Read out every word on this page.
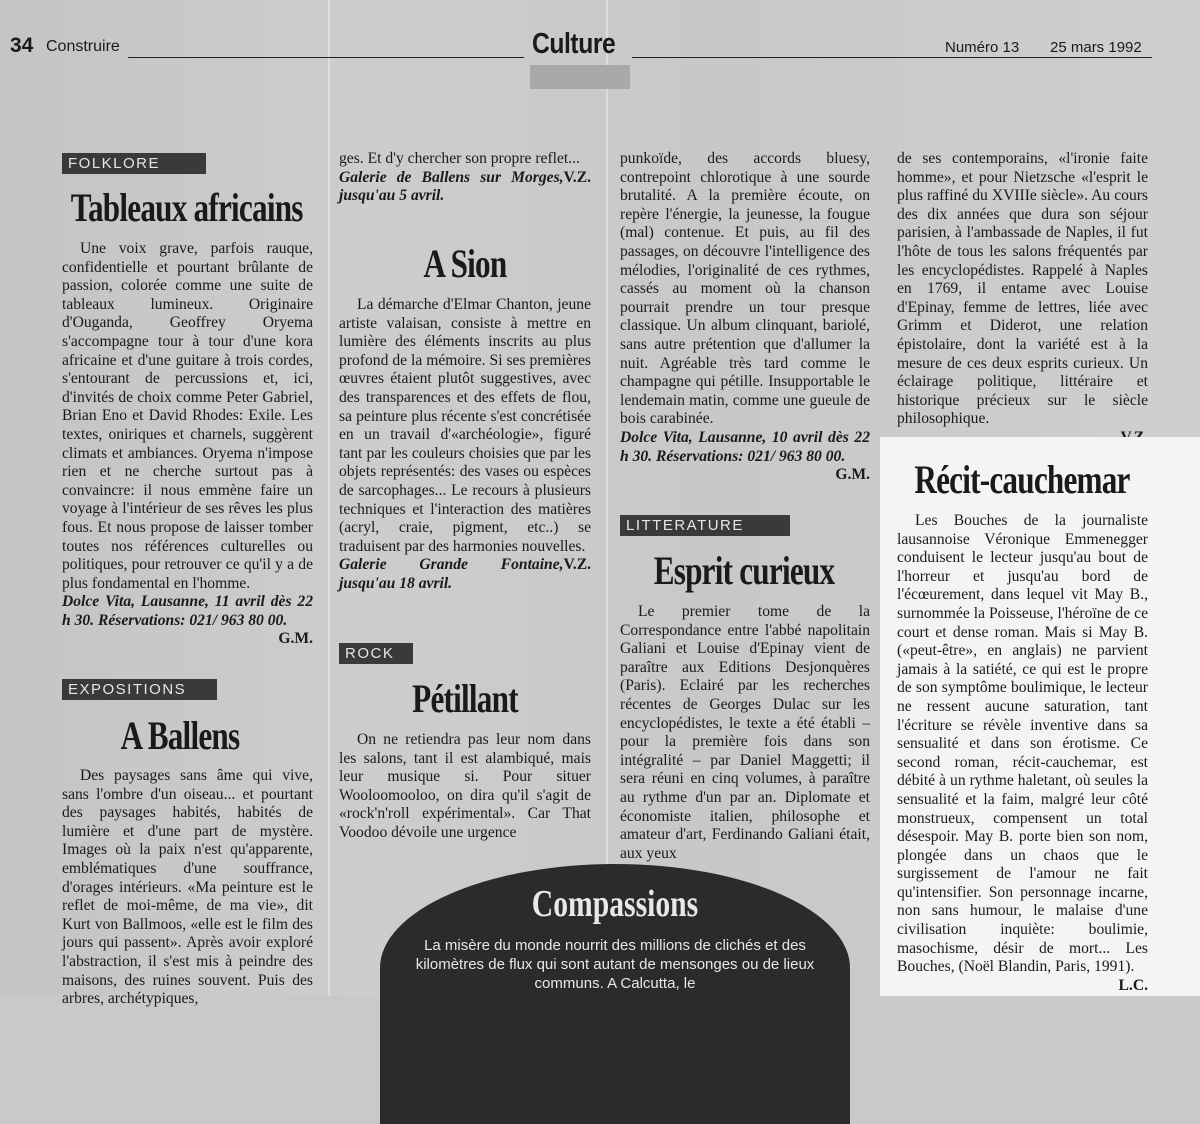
34 Construire	Culture	Numéro 13 25 mars 1992
FOLKLORE
Tableaux africains

Une voix grave, parfois rauque, confidentielle et pourtant brûlante de passion, colorée comme une suite de tableaux lumineux. Originaire d'Ouganda, Geoffrey Oryema s'accompagne tour à tour d'une kora africaine et d'une guitare à trois cordes, s'entourant de percussions et, ici, d'invités de choix comme Peter Gabriel, Brian Eno et David Rhodes: Exile. Les textes, oniriques et charnels, suggèrent climats et ambiances. Oryema n'impose rien et ne cherche surtout pas à convaincre: il nous emmène faire un voyage à l'intérieur de ses rêves les plus fous. Et nous propose de laisser tomber toutes nos références culturelles ou politiques, pour retrouver ce qu'il y a de plus fondamental en l'homme.

Dolce Vita, Lausanne, 11 avril dès 22 h 30. Réservations: 021/ 963 80 00.
G.M.
EXPOSITIONS
A Ballens

Des paysages sans âme qui vive, sans l'ombre d'un oiseau... et pourtant des paysages habités, habités de lumière et d'une part de mystère. Images où la paix n'est qu'apparente, emblématiques d'une souffrance, d'orages intérieurs. «Ma peinture est le reflet de moi-même, de ma vie», dit Kurt von Ballmoos, «elle est le film des jours qui passent». Après avoir exploré l'abstraction, il s'est mis à peindre des maisons, des ruines souvent. Puis des arbres, archétypiques,

ges. Et d'y chercher son propre reflet...
Galerie de Ballens sur Morges, jusqu'au 5 avril.
V.Z.
A Sion

La démarche d'Elmar Chanton, jeune artiste valaisan, consiste à mettre en lumière des éléments inscrits au plus profond de la mémoire. Si ses premières œuvres étaient plutôt suggestives, avec des transparences et des effets de flou, sa peinture plus récente s'est concrétisée en un travail d'«archéologie», figuré tant par les couleurs choisies que par les objets représentés: des vases ou espèces de sarcophages... Le recours à plusieurs techniques et l'interaction des matières (acryl, craie, pigment, etc..) se traduisent par des harmonies nouvelles.

Galerie Grande Fontaine, jusqu'au 18 avril.
V.Z.
ROCK
Pétillant

On ne retiendra pas leur nom dans les salons, tant il est alambiqué, mais leur musique si. Pour situer Wooloomooloo, on dira qu'il s'agit de «rock'n'roll expérimental». Car That Voodoo dévoile une urgence

punkoïde, des accords bluesy, contrepoint chlorotique à une sourde brutalité. A la première écoute, on repère l'énergie, la jeunesse, la fougue (mal) contenue. Et puis, au fil des passages, on découvre l'intelligence des mélodies, l'originalité de ces rythmes, cassés au moment où la chanson pourrait prendre un tour presque classique. Un album clinquant, bariolé, sans autre prétention que d'allumer la nuit. Agréable très tard comme le champagne qui pétille. Insupportable le lendemain matin, comme une gueule de bois carabinée.
Dolce Vita, Lausanne, 10 avril dès 22 h 30. Réservations: 021/ 963 80 00.
G.M.
LITTERATURE
Esprit curieux

Le premier tome de la Correspondance entre l'abbé napolitain Galiani et Louise d'Epinay vient de paraître aux Editions Desjonquères (Paris). Eclairé par les recherches récentes de Georges Dulac sur les encyclopédistes, le texte a été établi – pour la première fois dans son intégralité – par Daniel Maggetti; il sera réuni en cinq volumes, à paraître au rythme d'un par an. Diplomate et économiste italien, philosophe et amateur d'art, Ferdinando Galiani était, aux yeux

de ses contemporains, «l'ironie faite homme», et pour Nietzsche «l'esprit le plus raffiné du XVIIIe siècle». Au cours des dix années que dura son séjour parisien, à l'ambassade de Naples, il fut l'hôte de tous les salons fréquentés par les encyclopédistes. Rappelé à Naples en 1769, il entame avec Louise d'Epinay, femme de lettres, liée avec Grimm et Diderot, une relation épistolaire, dont la variété est à la mesure de ces deux esprits curieux. Un éclairage politique, littéraire et historique précieux sur le siècle philosophique.
Récit-cauchemar

Les Bouches de la journaliste lausannoise Véronique Emmenegger conduisent le lecteur jusqu'au bout de l'horreur et jusqu'au bord de l'écœurement, dans lequel vit May B., surnommée la Poisseuse, l'héroïne de ce court et dense roman. Mais si May B. («peut-être», en anglais) ne parvient jamais à la satiété, ce qui est le propre de son symptôme boulimique, le lecteur ne ressent aucune saturation, tant l'écriture se révèle inventive dans sa sensualité et dans son érotisme. Ce second roman, récit-cauchemar, est débité à un rythme haletant, où seules la sensualité et la faim, malgré leur côté monstrueux, compensent un total désespoir. May B. porte bien son nom, plongée dans un chaos que le surgissement de l'amour ne fait qu'intensifier. Son personnage incarne, non sans humour, le malaise d'une civilisation inquiète: boulimie, masochisme, désir de mort... Les Bouches, (Noël Blandin, Paris, 1991).

L.C.
Compassions
La misère du monde nourrit des millions de clichés et des kilomètres de flux qui sont autant de mensonges ou de lieux communs. A Calcutta, le
